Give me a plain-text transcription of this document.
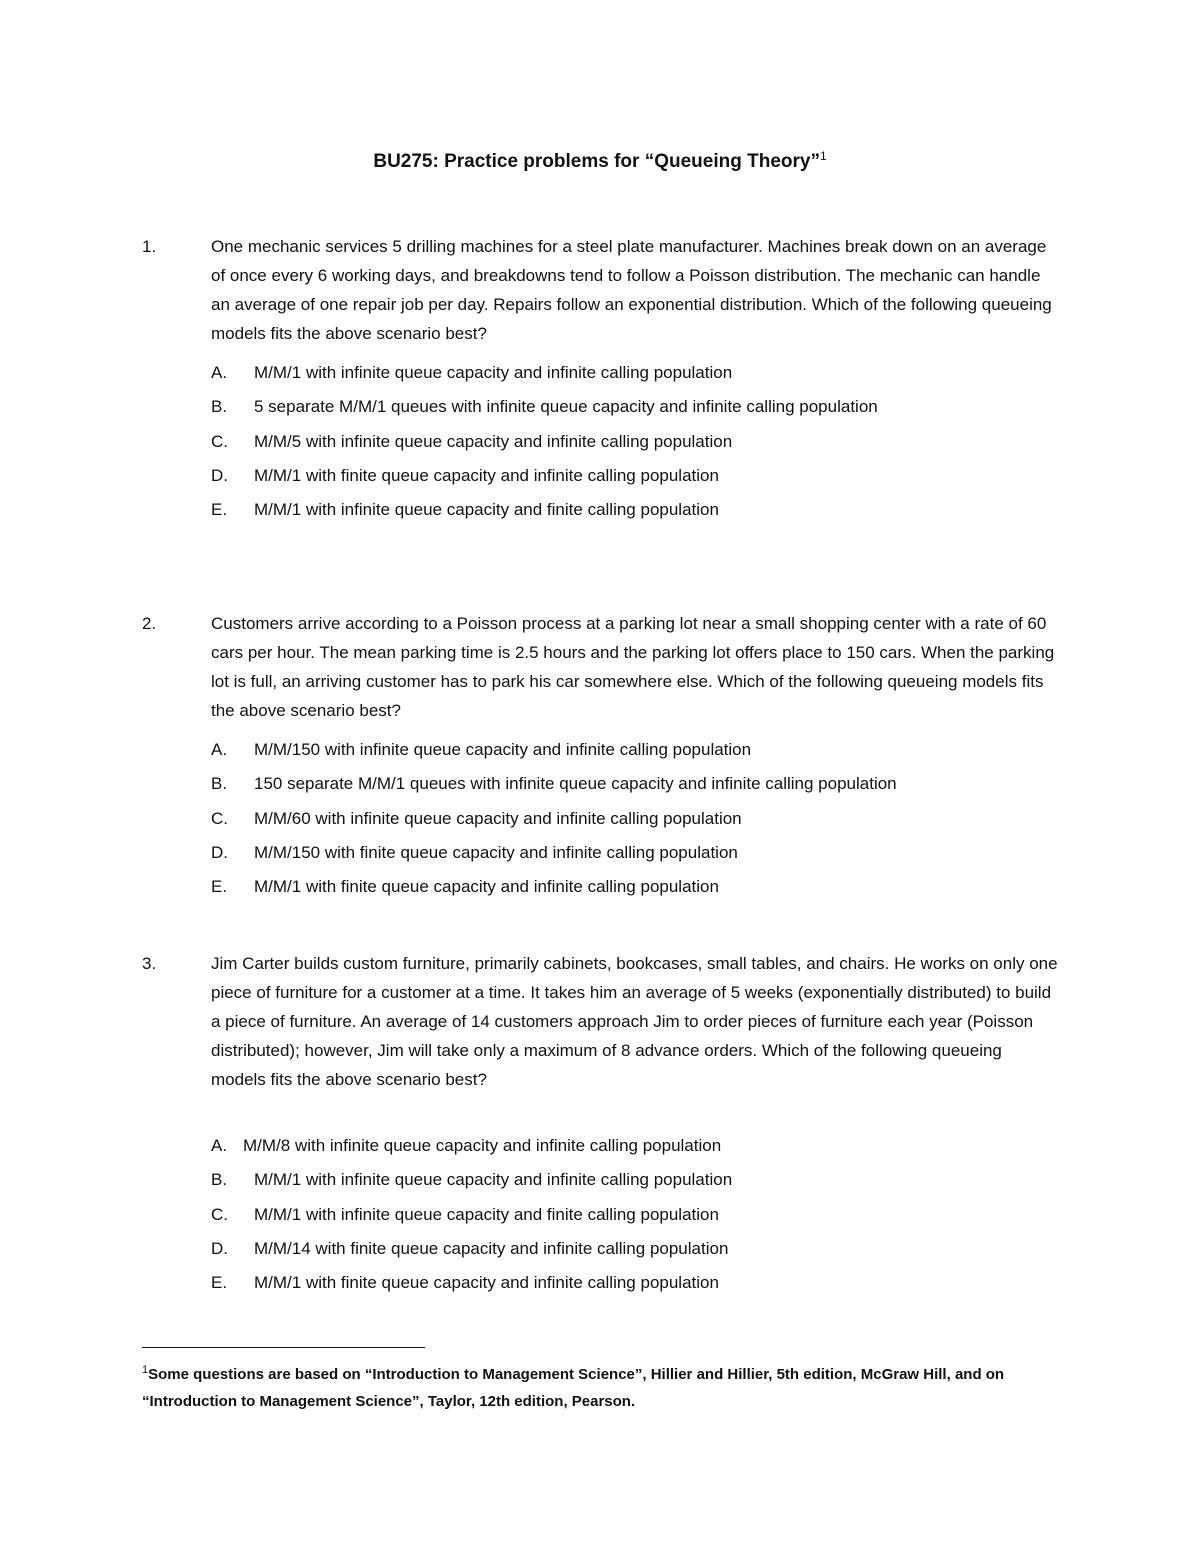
BU275: Practice problems for “Queueing Theory”$^1$
1.	One mechanic services 5 drilling machines for a steel plate manufacturer. Machines break down on an average of once every 6 working days, and breakdowns tend to follow a Poisson distribution. The mechanic can handle an average of one repair job per day. Repairs follow an exponential distribution. Which of the following queueing models fits the above scenario best?
A. M/M/1 with infinite queue capacity and infinite calling population
B. 5 separate M/M/1 queues with infinite queue capacity and infinite calling population
C. M/M/5 with infinite queue capacity and infinite calling population
D. M/M/1 with finite queue capacity and infinite calling population
E. M/M/1 with infinite queue capacity and finite calling population
2.	Customers arrive according to a Poisson process at a parking lot near a small shopping center with a rate of 60 cars per hour. The mean parking time is 2.5 hours and the parking lot offers place to 150 cars. When the parking lot is full, an arriving customer has to park his car somewhere else. Which of the following queueing models fits the above scenario best?
A. M/M/150 with infinite queue capacity and infinite calling population
B. 150 separate M/M/1 queues with infinite queue capacity and infinite calling population
C. M/M/60 with infinite queue capacity and infinite calling population
D. M/M/150 with finite queue capacity and infinite calling population
E. M/M/1 with finite queue capacity and infinite calling population
3.	Jim Carter builds custom furniture, primarily cabinets, bookcases, small tables, and chairs. He works on only one piece of furniture for a customer at a time. It takes him an average of 5 weeks (exponentially distributed) to build a piece of furniture. An average of 14 customers approach Jim to order pieces of furniture each year (Poisson distributed); however, Jim will take only a maximum of 8 advance orders. Which of the following queueing models fits the above scenario best?
A. M/M/8 with infinite queue capacity and infinite calling population
B. M/M/1 with infinite queue capacity and infinite calling population
C. M/M/1 with infinite queue capacity and finite calling population
D. M/M/14 with finite queue capacity and infinite calling population
E. M/M/1 with finite queue capacity and infinite calling population
$^1$Some questions are based on “Introduction to Management Science”, Hillier and Hillier, 5th edition, McGraw Hill, and on “Introduction to Management Science”, Taylor, 12th edition, Pearson.
